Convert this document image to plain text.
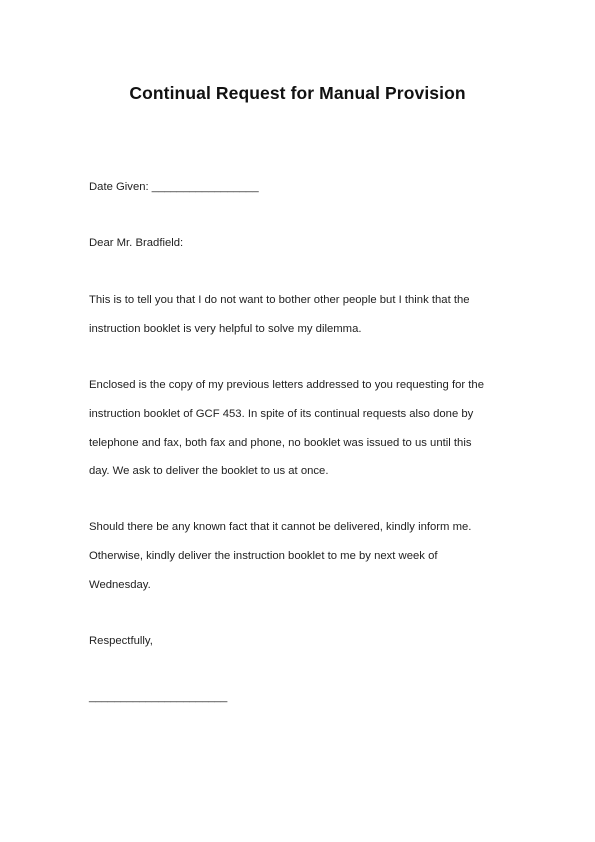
Continual Request for Manual Provision
Date Given: _________________
Dear Mr. Bradfield:
This is to tell you that I do not want to bother other people but I think that the
instruction booklet is very helpful to solve my dilemma.
Enclosed is the copy of my previous letters addressed to you requesting for the
instruction booklet of GCF 453. In spite of its continual requests also done by
telephone and fax, both fax and phone, no booklet was issued to us until this
day. We ask to deliver the booklet to us at once.
Should there be any known fact that it cannot be delivered, kindly inform me.
Otherwise, kindly deliver the instruction booklet to me by next week of
Wednesday.
Respectfully,
______________________
